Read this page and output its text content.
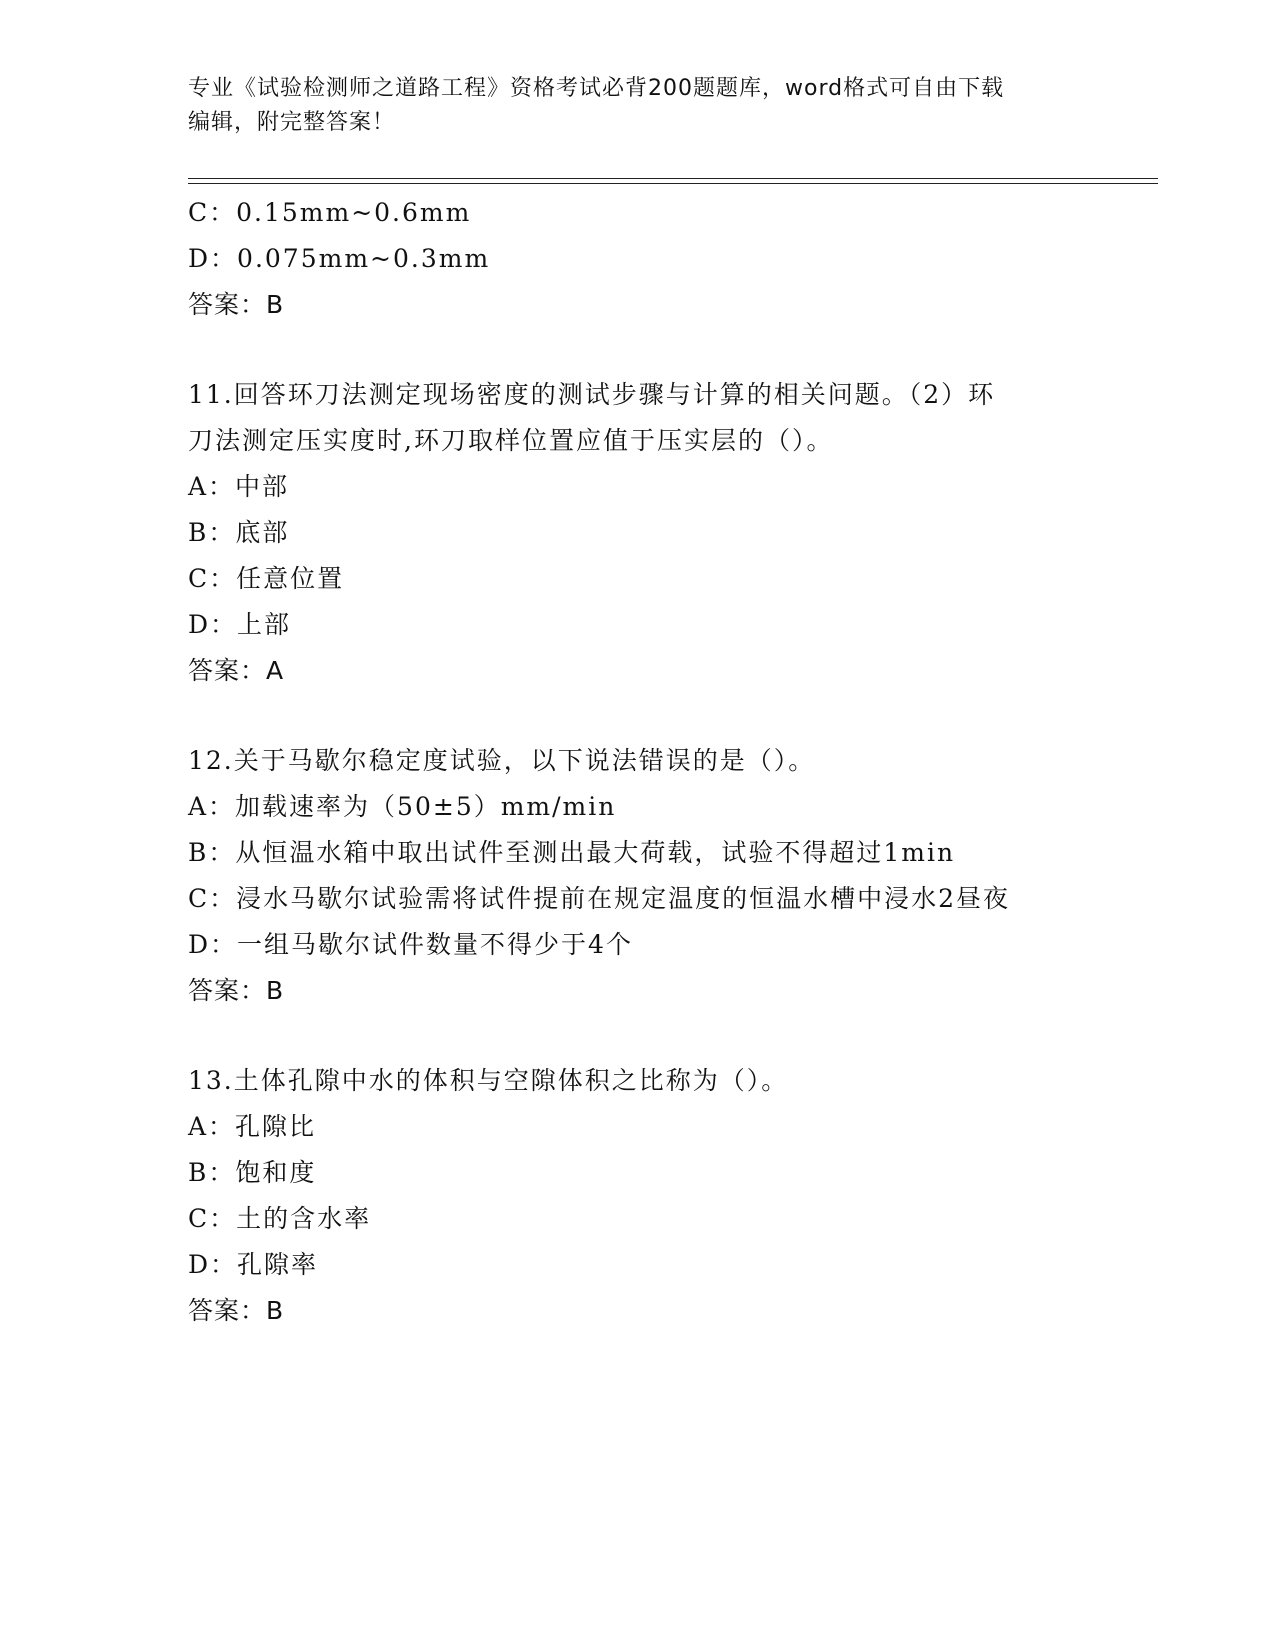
专业《试验检测师之道路工程》资格考试必背200题题库，word格式可自由下载
编辑，附完整答案！
C：0.15mm~0.6mm
D：0.075mm~0.3mm
答案：B
11.回答环刀法测定现场密度的测试步骤与计算的相关问题。（2）环
刀法测定压实度时,环刀取样位置应值于压实层的（）。
A：中部
B：底部
C：任意位置
D：上部
答案：A
12.关于马歇尔稳定度试验，以下说法错误的是（）。
A：加载速率为（50±5）mm/min
B：从恒温水箱中取出试件至测出最大荷载，试验不得超过1min
C：浸水马歇尔试验需将试件提前在规定温度的恒温水槽中浸水2昼夜
D：一组马歇尔试件数量不得少于4个
答案：B
13.土体孔隙中水的体积与空隙体积之比称为（）。
A：孔隙比
B：饱和度
C：土的含水率
D：孔隙率
答案：B
